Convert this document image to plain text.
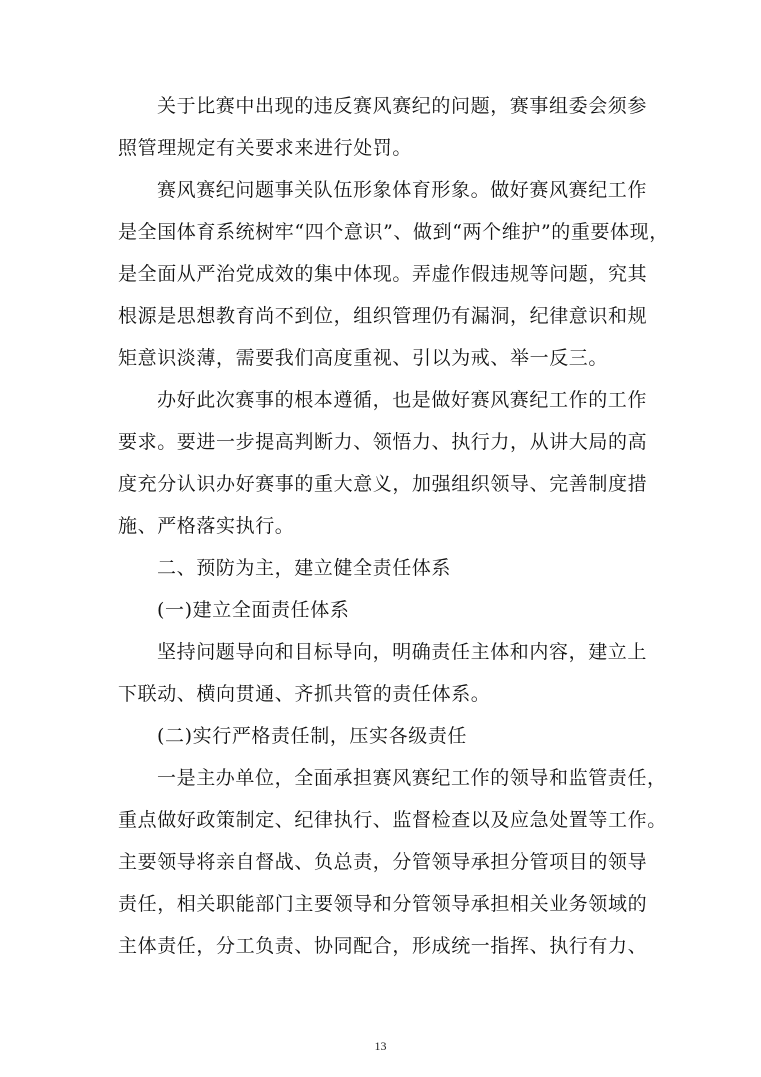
关于比赛中出现的违反赛风赛纪的问题，赛事组委会须参
照管理规定有关要求来进行处罚。
赛风赛纪问题事关队伍形象体育形象。做好赛风赛纪工作
是全国体育系统树牢“四个意识”、做到“两个维护”的重要体现，
是全面从严治党成效的集中体现。弄虚作假违规等问题，究其
根源是思想教育尚不到位，组织管理仍有漏洞，纪律意识和规
矩意识淡薄，需要我们高度重视、引以为戒、举一反三。
办好此次赛事的根本遵循，也是做好赛风赛纪工作的工作
要求。要进一步提高判断力、领悟力、执行力，从讲大局的高
度充分认识办好赛事的重大意义，加强组织领导、完善制度措
施、严格落实执行。
二、预防为主，建立健全责任体系
(一)建立全面责任体系
坚持问题导向和目标导向，明确责任主体和内容，建立上
下联动、横向贯通、齐抓共管的责任体系。
(二)实行严格责任制，压实各级责任
一是主办单位，全面承担赛风赛纪工作的领导和监管责任，
重点做好政策制定、纪律执行、监督检查以及应急处置等工作。
主要领导将亲自督战、负总责，分管领导承担分管项目的领导
责任，相关职能部门主要领导和分管领导承担相关业务领域的
主体责任，分工负责、协同配合，形成统一指挥、执行有力、
13
